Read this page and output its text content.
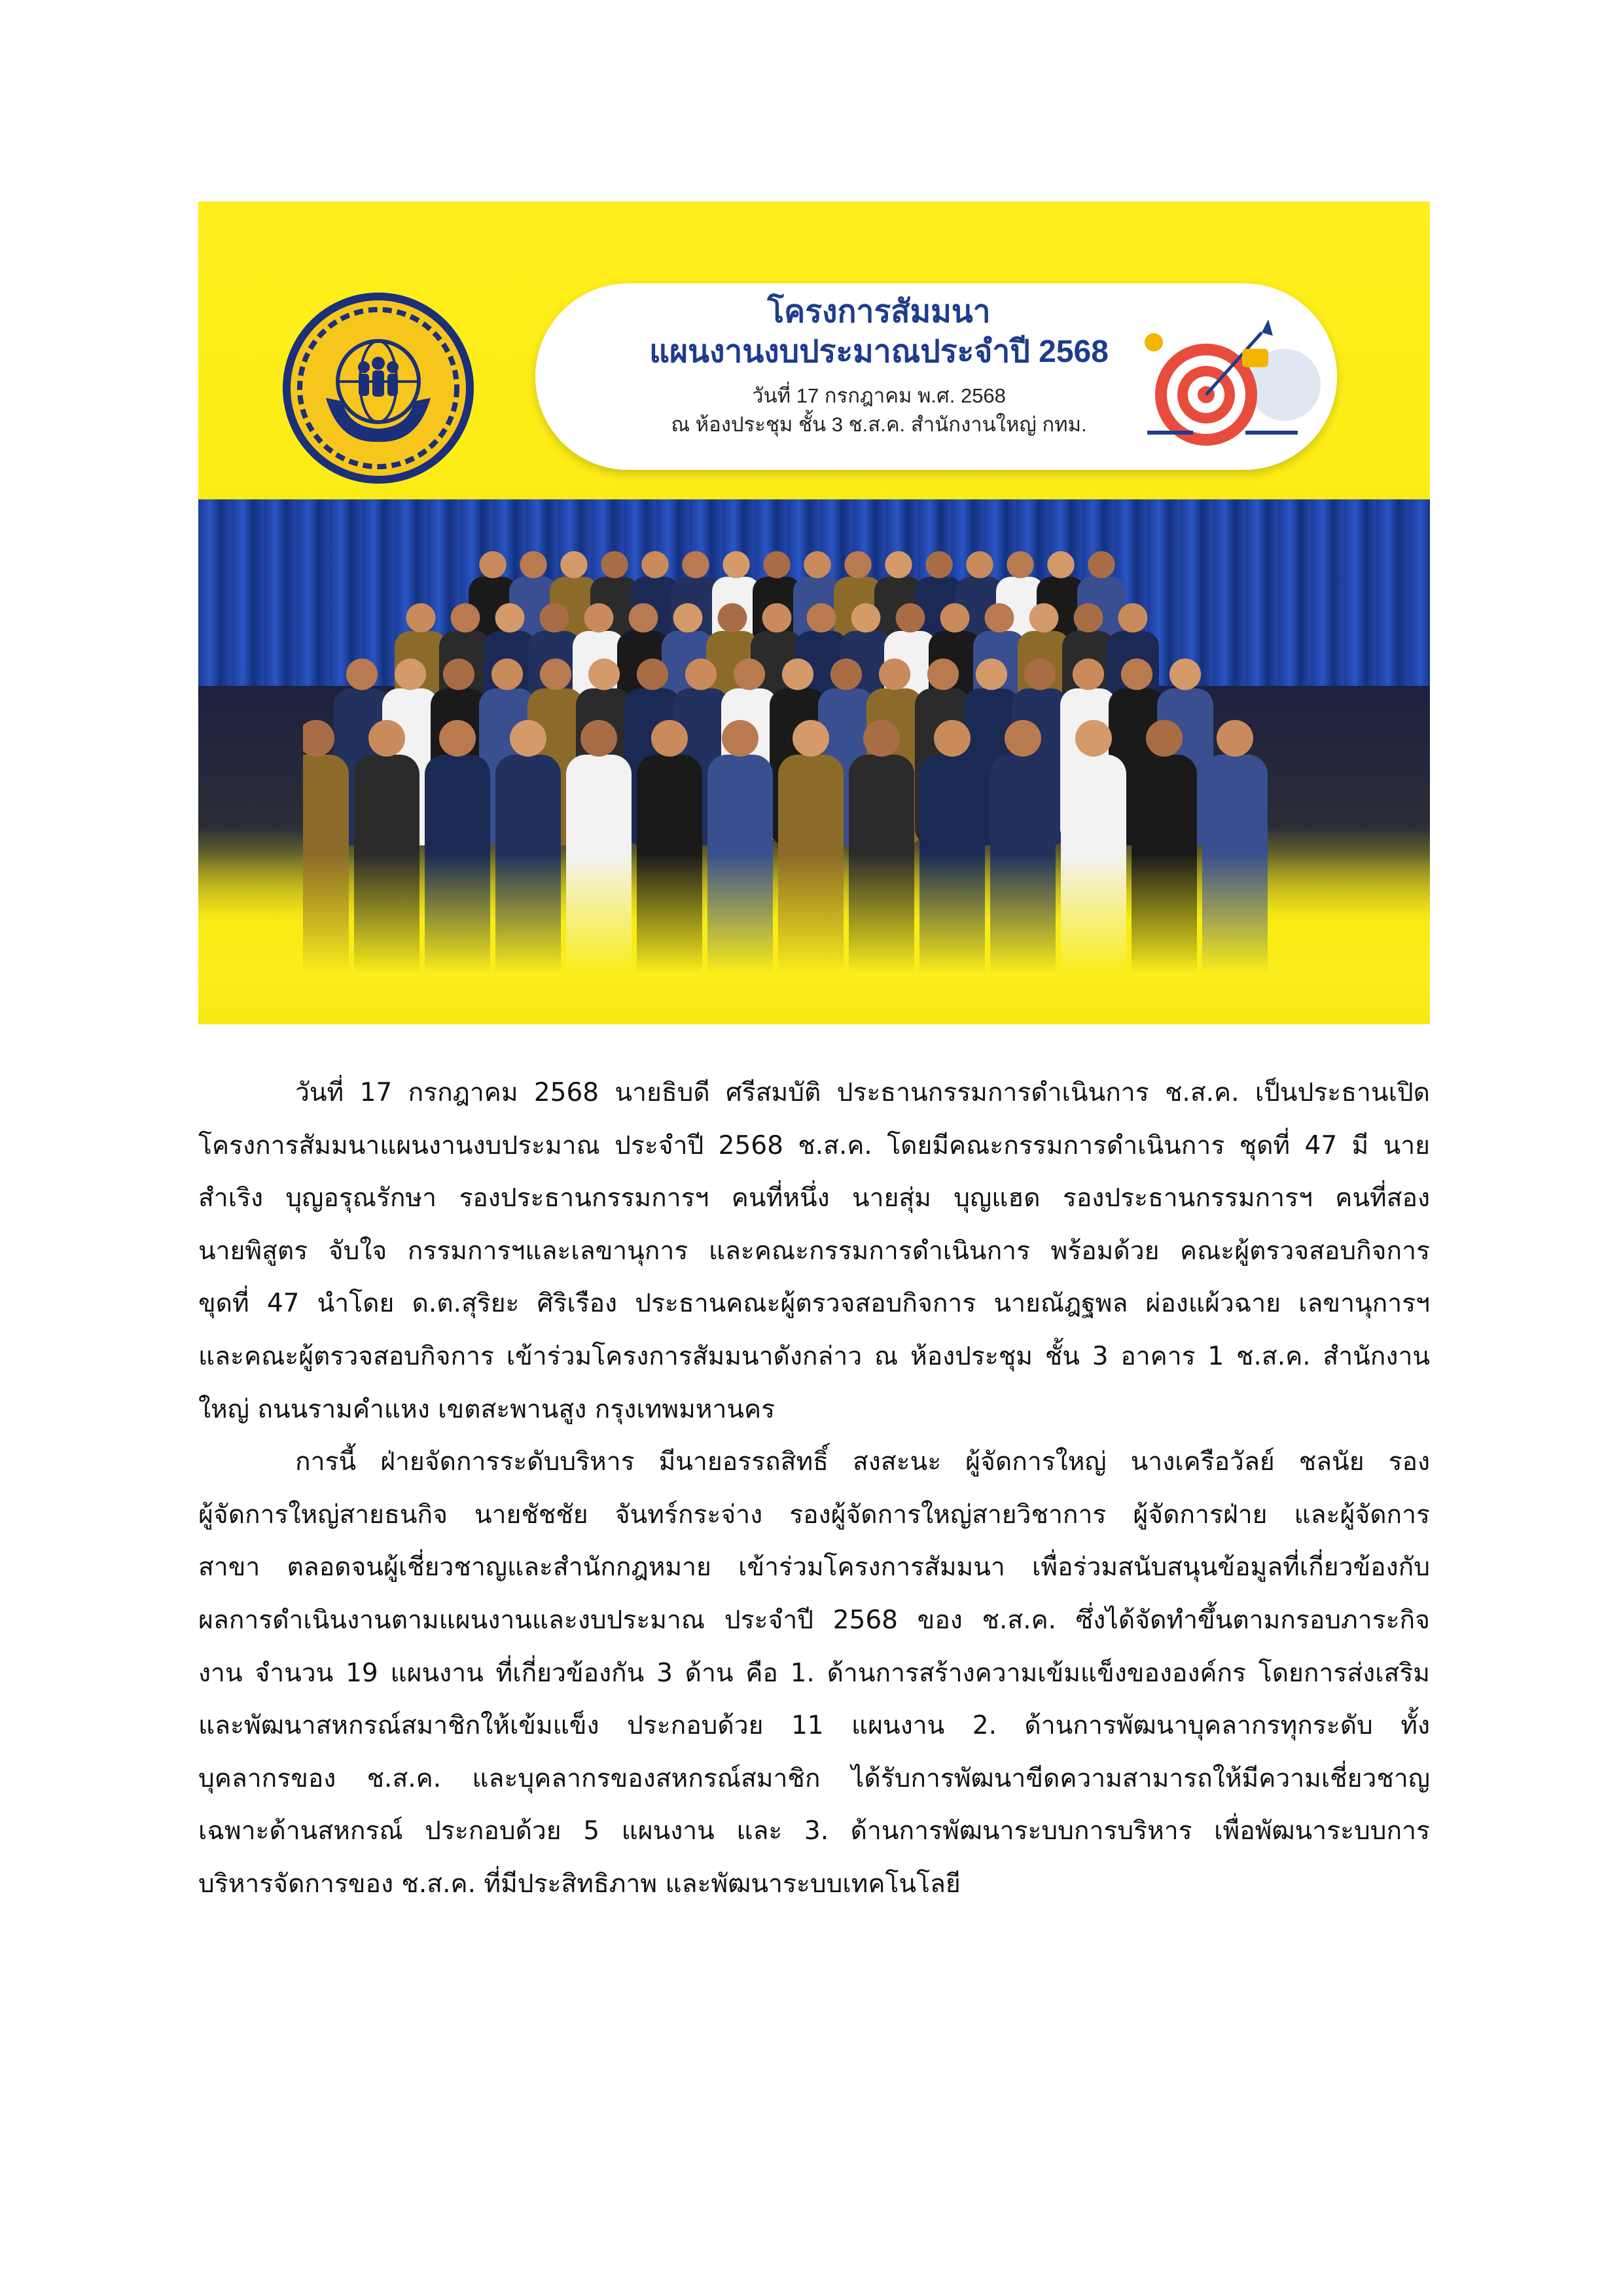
โครงการสัมมนา
แผนงานงบประมาณประจำปี 2568
วันที่ 17 กรกฎาคม พ.ศ. 2568
ณ ห้องประชุม ชั้น 3 ช.ส.ค. สำนักงานใหญ่ กทม.
วันที่ 17 กรกฎาคม 2568 นายธิบดี ศรีสมบัติ ประธานกรรมการดำเนินการ ช.ส.ค. เป็นประธานเปิด
โครงการสัมมนาแผนงานงบประมาณ ประจำปี 2568 ช.ส.ค. โดยมีคณะกรรมการดำเนินการ ชุดที่ 47 มี นาย
สำเริง บุญอรุณรักษา รองประธานกรรมการฯ คนที่หนึ่ง นายสุ่ม บุญแฮด รองประธานกรรมการฯ คนที่สอง
นายพิสูตร จับใจ กรรมการฯและเลขานุการ และคณะกรรมการดำเนินการ พร้อมด้วย คณะผู้ตรวจสอบกิจการ
ขุดที่ 47 นำโดย ด.ต.สุริยะ ศิริเรือง ประธานคณะผู้ตรวจสอบกิจการ นายณัฎฐพล ผ่องแผ้วฉาย เลขานุการฯ
และคณะผู้ตรวจสอบกิจการ เข้าร่วมโครงการสัมมนาดังกล่าว ณ ห้องประชุม ชั้น 3 อาคาร 1 ช.ส.ค. สำนักงาน
ใหญ่ ถนนรามคำแหง เขตสะพานสูง กรุงเทพมหานคร
การนี้ ฝ่ายจัดการระดับบริหาร มีนายอรรถสิทธิ์ สงสะนะ ผู้จัดการใหญ่ นางเครือวัลย์ ชลนัย รอง
ผู้จัดการใหญ่สายธนกิจ นายชัชชัย จันทร์กระจ่าง รองผู้จัดการใหญ่สายวิชาการ ผู้จัดการฝ่าย และผู้จัดการ
สาขา ตลอดจนผู้เชี่ยวชาญและสำนักกฎหมาย เข้าร่วมโครงการสัมมนา เพื่อร่วมสนับสนุนข้อมูลที่เกี่ยวข้องกับ
ผลการดำเนินงานตามแผนงานและงบประมาณ ประจำปี 2568 ของ ช.ส.ค. ซึ่งได้จัดทำขึ้นตามกรอบภาระกิจ
งาน จำนวน 19 แผนงาน ที่เกี่ยวข้องกัน 3 ด้าน คือ 1. ด้านการสร้างความเข้มแข็งขององค์กร โดยการส่งเสริม
และพัฒนาสหกรณ์สมาชิกให้เข้มแข็ง ประกอบด้วย 11 แผนงาน 2. ด้านการพัฒนาบุคลากรทุกระดับ ทั้ง
บุคลากรของ ช.ส.ค. และบุคลากรของสหกรณ์สมาชิก ได้รับการพัฒนาขีดความสามารถให้มีความเชี่ยวชาญ
เฉพาะด้านสหกรณ์ ประกอบด้วย 5 แผนงาน และ 3. ด้านการพัฒนาระบบการบริหาร เพื่อพัฒนาระบบการ
บริหารจัดการของ ช.ส.ค. ที่มีประสิทธิภาพ และพัฒนาระบบเทคโนโลยี
